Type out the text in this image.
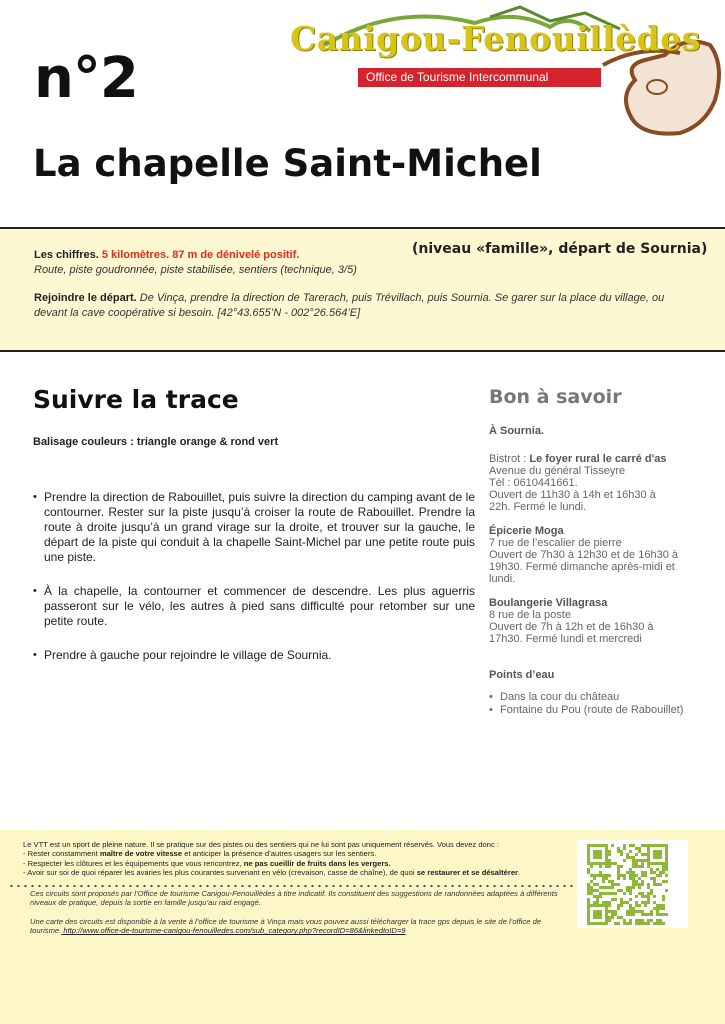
n°2
Canigou-Fenouillèdes
Office de Tourisme Intercommunal
La chapelle Saint-Michel
Les chiffres. 5 kilomètres. 87 m de dénivelé positif.
Route, piste goudronnée, piste stabilisée, sentiers (technique, 3/5)
(niveau «famille», départ de Sournia)
Rejoindre le départ. De Vinça, prendre la direction de Tarerach, puis Trévillach, puis Sournia. Se garer sur la place du village, ou devant la cave coopérative si besoin. [42°43.655’N - 002°26.564’E]
Suivre la trace
Balisage couleurs : triangle orange & rond vert
• Prendre la direction de Rabouillet, puis suivre la direction du camping avant de le contourner. Rester sur la piste jusqu’à croiser la route de Rabouillet. Prendre la route à droite jusqu’à un grand virage sur la droite, et trouver sur la gauche, le départ de la piste qui conduit à la chapelle Saint-Michel par une petite route puis une piste.
• À la chapelle, la contourner et commencer de descendre. Les plus aguerris passeront sur le vélo, les autres à pied sans difficulté pour retomber sur une petite route.
• Prendre à gauche pour rejoindre le village de Sournia.
Bon à savoir
À Sournia.
Bistrot : Le foyer rural le carré d'as
Avenue du général Tisseyre
Tél : 0610441661.
Ouvert de 11h30 à 14h et 16h30 à
22h. Fermé le lundi.
Épicerie Moga
7 rue de l’escalier de pierre
Ouvert de 7h30 à 12h30 et de 16h30 à
19h30. Fermé dimanche après-midi et
lundi.
Boulangerie Villagrasa
8 rue de la poste
Ouvert de 7h à 12h et de 16h30 à
17h30. Fermé lundi et mercredi
Points d’eau
• Dans la cour du château
• Fontaine du Pou (route de Rabouillet)
Le VTT est un sport de pleine nature. Il se pratique sur des pistes ou des sentiers qui ne lui sont pas uniquement réservés. Vous devez donc :
- Rester constamment maître de votre vitesse et anticiper la présence d’autres usagers sur les sentiers.
- Respecter les clôtures et les équipements que vous rencontrez, ne pas cueillir de fruits dans les vergers.
- Avoir sur soi de quoi réparer les avaries les plus courantes survenant en vélo (crevaison, casse de chaîne), de quoi se restaurer et se désaltérer.
Ces circuits sont proposés par l’Office de tourisme Canigou-Fenouillèdes à titre indicatif. Ils constituent des suggestions de randonnées adaptées à différents niveaux de pratique, depuis la sortie en famille jusqu’au raid engagé.
Une carte des circuits est disponible à la vente à l’office de tourisme à Vinça mais vous pouvez aussi télécharger la trace gps depuis le site de l’office de tourisme. http://www.office-de-tourisme-canigou-fenouilledes.com/sub_category.php?recordID=86&linkedtoID=9
